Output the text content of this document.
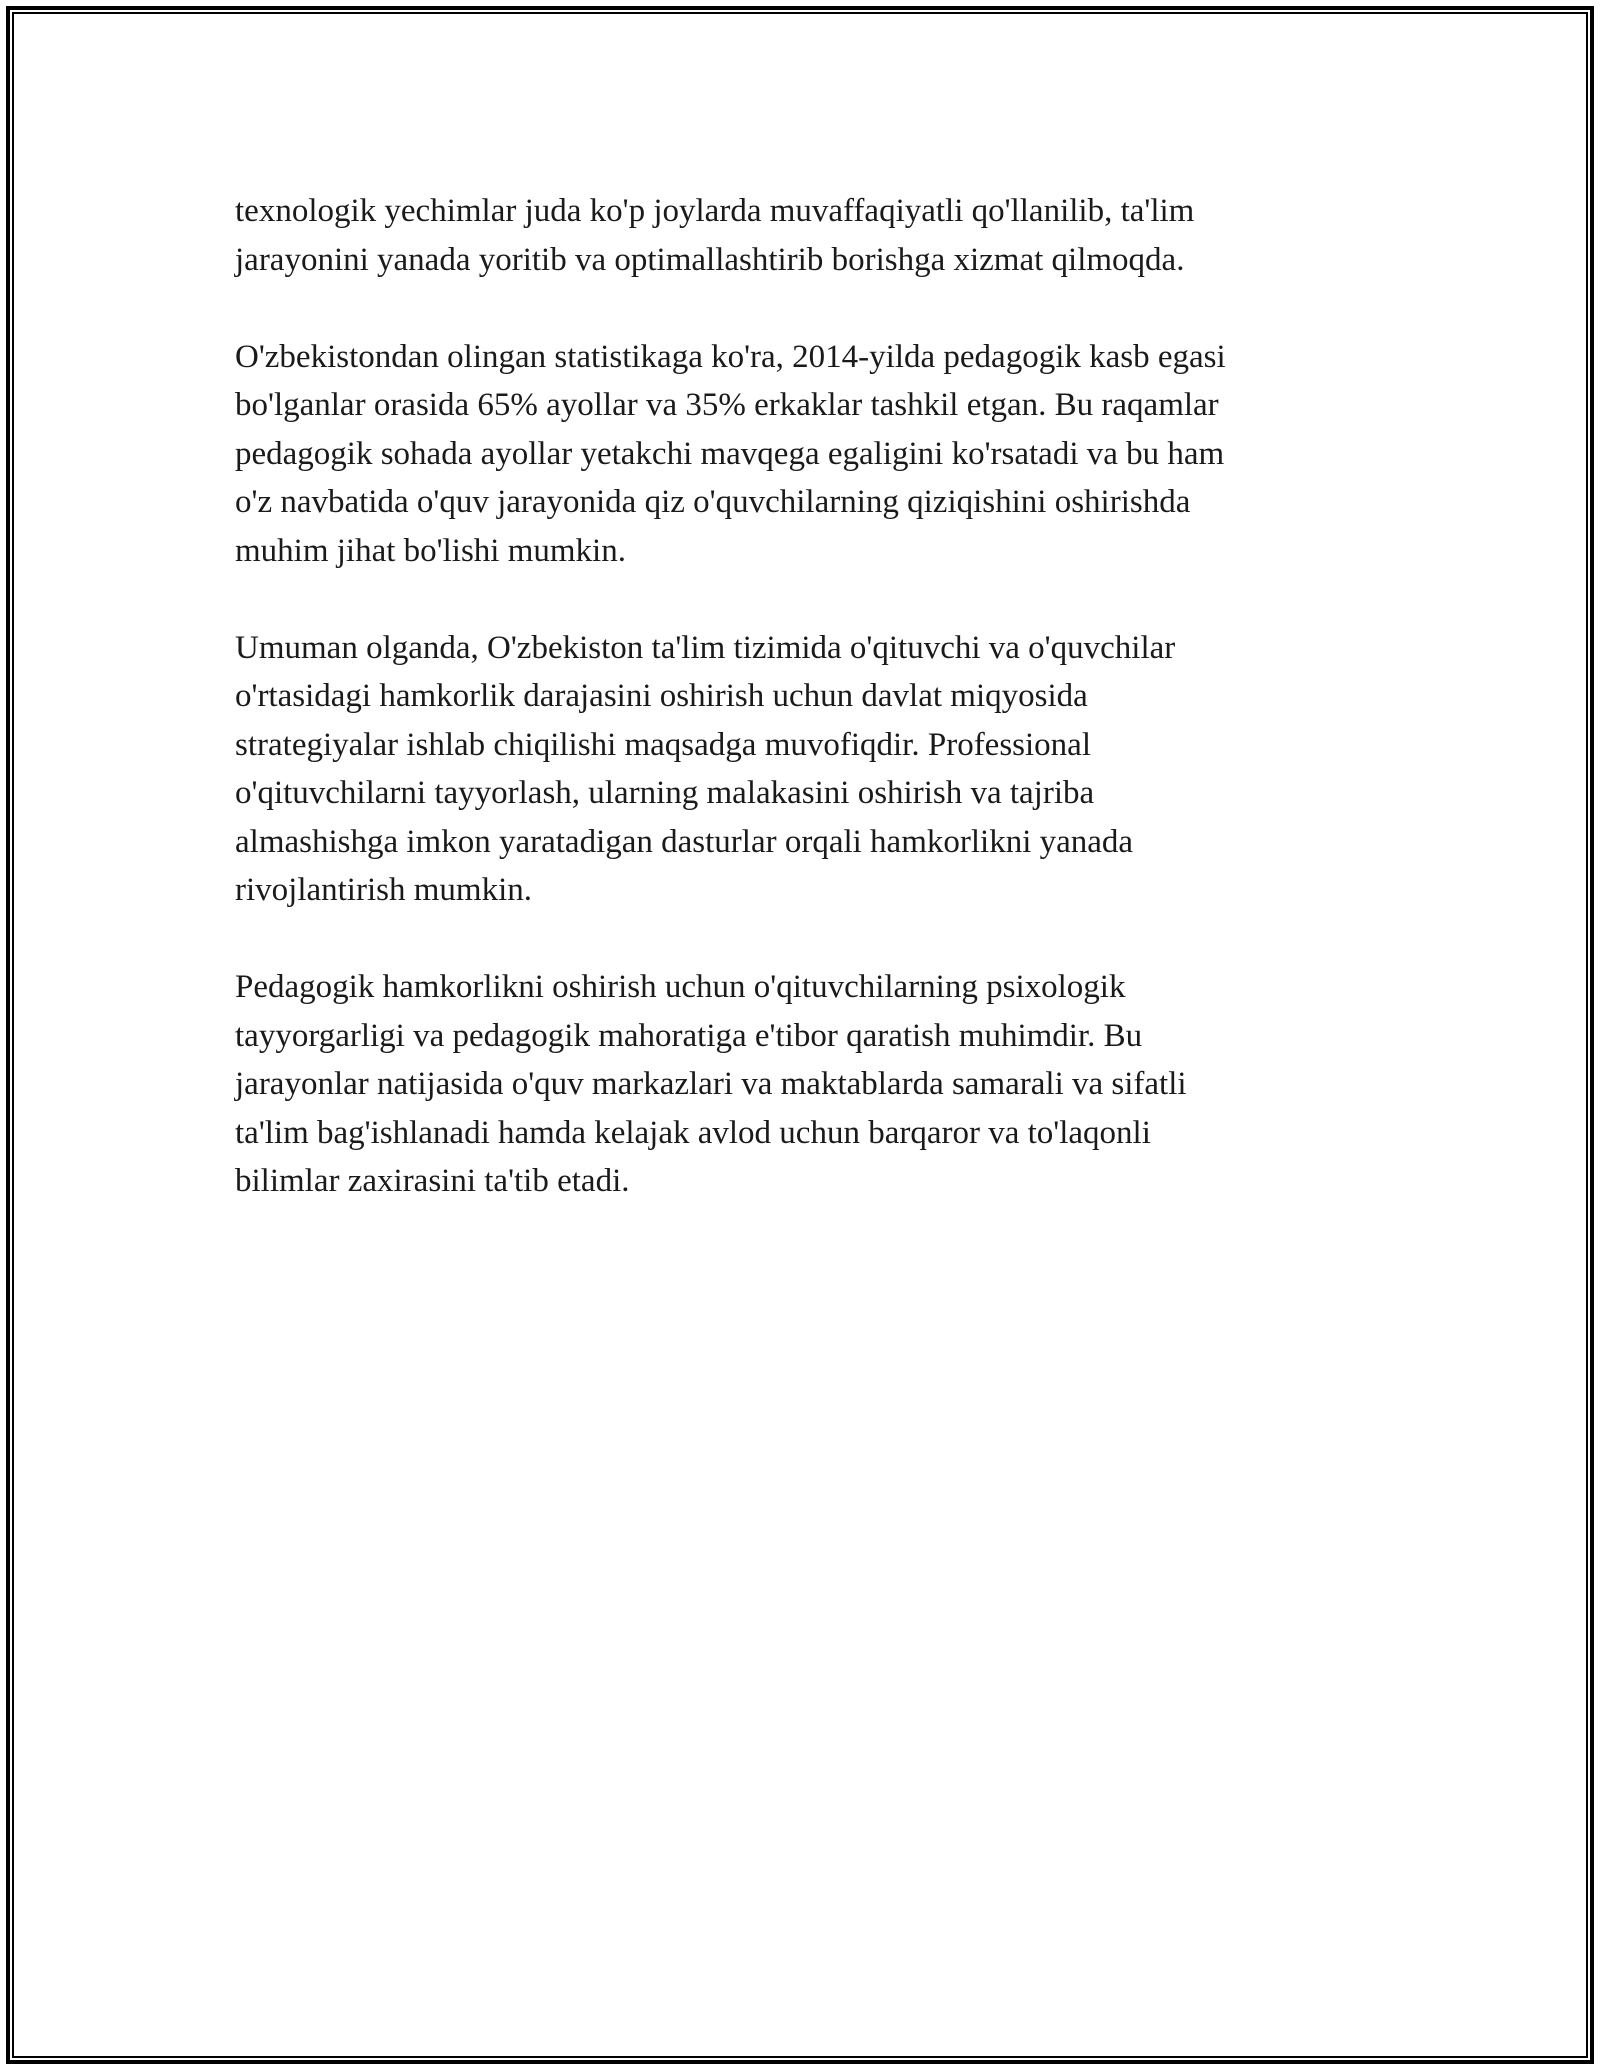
texnologik yechimlar juda ko'p joylarda muvaffaqiyatli qo'llanilib, ta'lim
jarayonini yanada yoritib va optimallashtirib borishga xizmat qilmoqda.

O'zbekistondan olingan statistikaga ko'ra, 2014-yilda pedagogik kasb egasi
bo'lganlar orasida 65% ayollar va 35% erkaklar tashkil etgan. Bu raqamlar
pedagogik sohada ayollar yetakchi mavqega egaligini ko'rsatadi va bu ham
o'z navbatida o'quv jarayonida qiz o'quvchilarning qiziqishini oshirishda
muhim jihat bo'lishi mumkin.

Umuman olganda, O'zbekiston ta'lim tizimida o'qituvchi va o'quvchilar
o'rtasidagi hamkorlik darajasini oshirish uchun davlat miqyosida
strategiyalar ishlab chiqilishi maqsadga muvofiqdir. Professional
o'qituvchilarni tayyorlash, ularning malakasini oshirish va tajriba
almashishga imkon yaratadigan dasturlar orqali hamkorlikni yanada
rivojlantirish mumkin.

Pedagogik hamkorlikni oshirish uchun o'qituvchilarning psixologik
tayyorgarligi va pedagogik mahoratiga e'tibor qaratish muhimdir. Bu
jarayonlar natijasida o'quv markazlari va maktablarda samarali va sifatli
ta'lim bag'ishlanadi hamda kelajak avlod uchun barqaror va to'laqonli
bilimlar zaxirasini ta'tib etadi.
